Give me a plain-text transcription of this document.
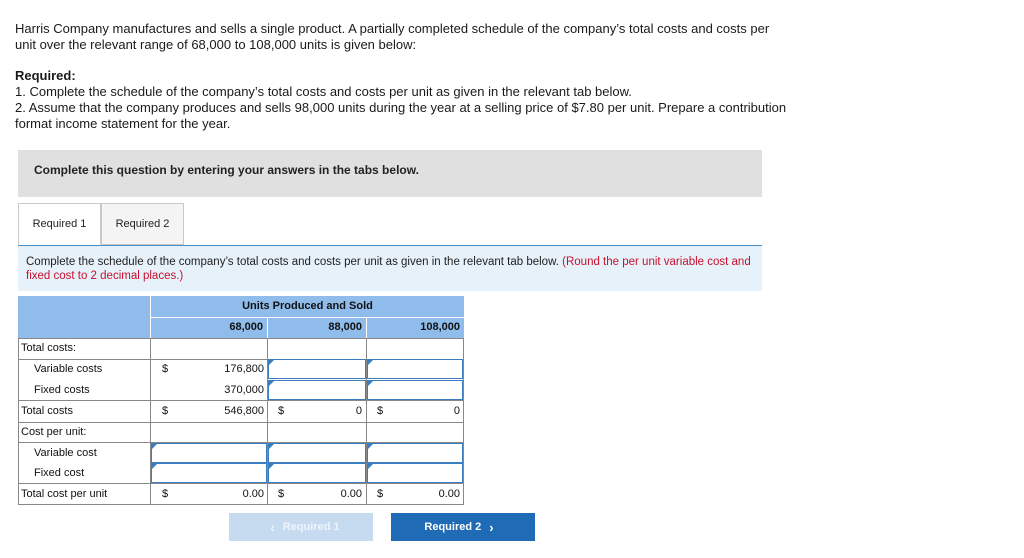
Harris Company manufactures and sells a single product. A partially completed schedule of the company’s total costs and costs per

unit over the relevant range of 68,000 to 108,000 units is given below:

Required:

1. Complete the schedule of the company’s total costs and costs per unit as given in the relevant tab below.

2. Assume that the company produces and sells 98,000 units during the year at a selling price of $7.80 per unit. Prepare a contribution

format income statement for the year.

Complete this question by entering your answers in the tabs below.
Required 1	Required 2
Complete the schedule of the company’s total costs and costs per unit as given in the relevant tab below. (Round the per unit variable cost and fixed cost to 2 decimal places.)
Units Produced and Sold
68,000	88,000	108,000
Total costs:
Variable costs	$	176,800
Fixed costs	370,000
Total costs	$	546,800 $	0 $	0
Cost per unit:
Variable cost
Fixed cost
Total cost per unit	$	0.00 $	0.00 $	0.00
‹ Required 1	Required 2 ›
